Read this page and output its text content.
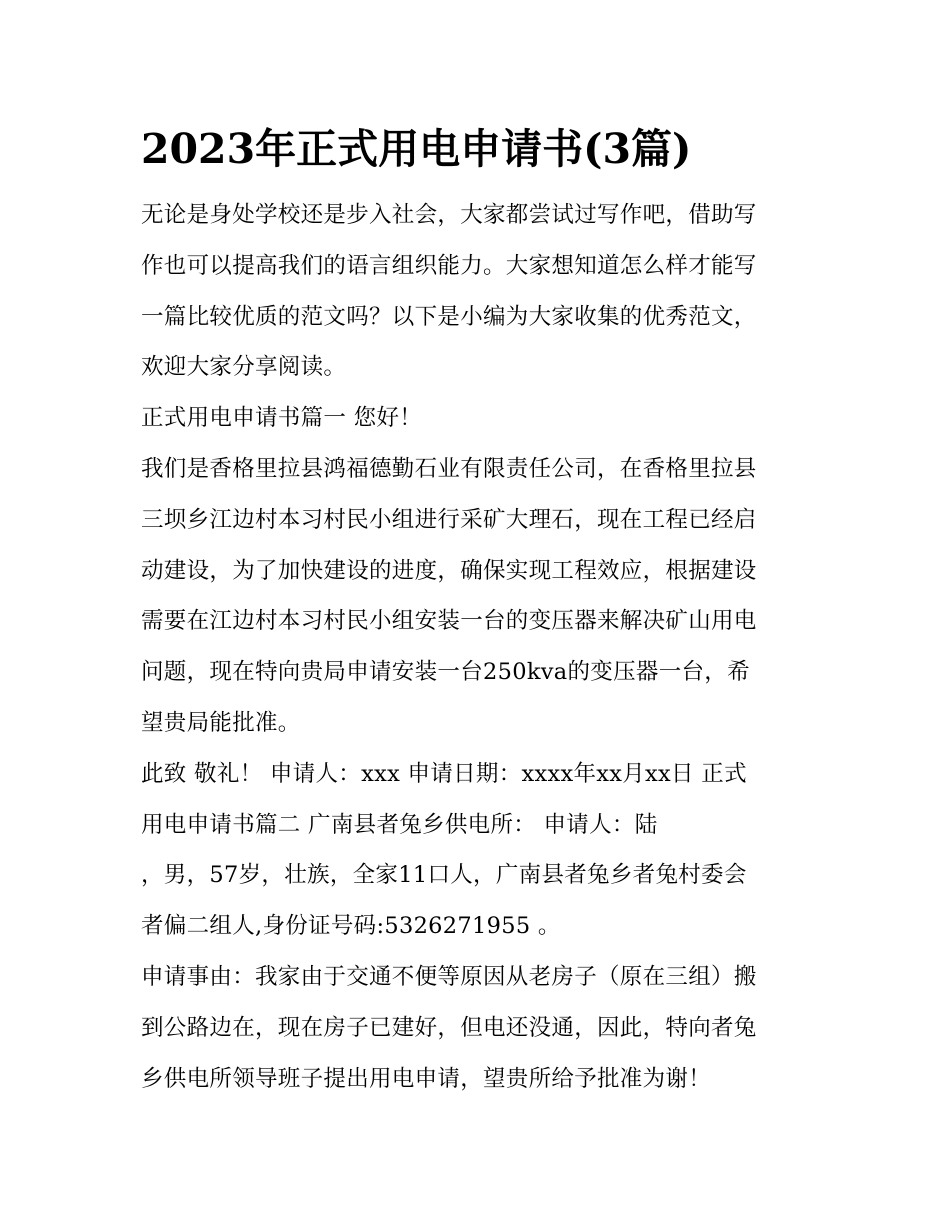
2023年正式用电申请书(3篇)

无论是身处学校还是步入社会，大家都尝试过写作吧，借助写
作也可以提高我们的语言组织能力。大家想知道怎么样才能写
一篇比较优质的范文吗？以下是小编为大家收集的优秀范文，
欢迎大家分享阅读。

正式用电申请书篇一 您好！

我们是香格里拉县鸿福德勤石业有限责任公司，在香格里拉县
三坝乡江边村本习村民小组进行采矿大理石，现在工程已经启
动建设，为了加快建设的进度，确保实现工程效应，根据建设
需要在江边村本习村民小组安装一台的变压器来解决矿山用电
问题，现在特向贵局申请安装一台250kva的变压器一台，希
望贵局能批准。

此致 敬礼！ 申请人：xxx 申请日期：xxxx年xx月xx日 正式
用电申请书篇二 广南县者兔乡供电所： 申请人：陆
，男，57岁，壮族，全家11口人，广南县者兔乡者兔村委会
者偏二组人,身份证号码:5326271955 。

申请事由：我家由于交通不便等原因从老房子（原在三组）搬
到公路边在，现在房子已建好，但电还没通，因此，特向者兔
乡供电所领导班子提出用电申请，望贵所给予批准为谢！
